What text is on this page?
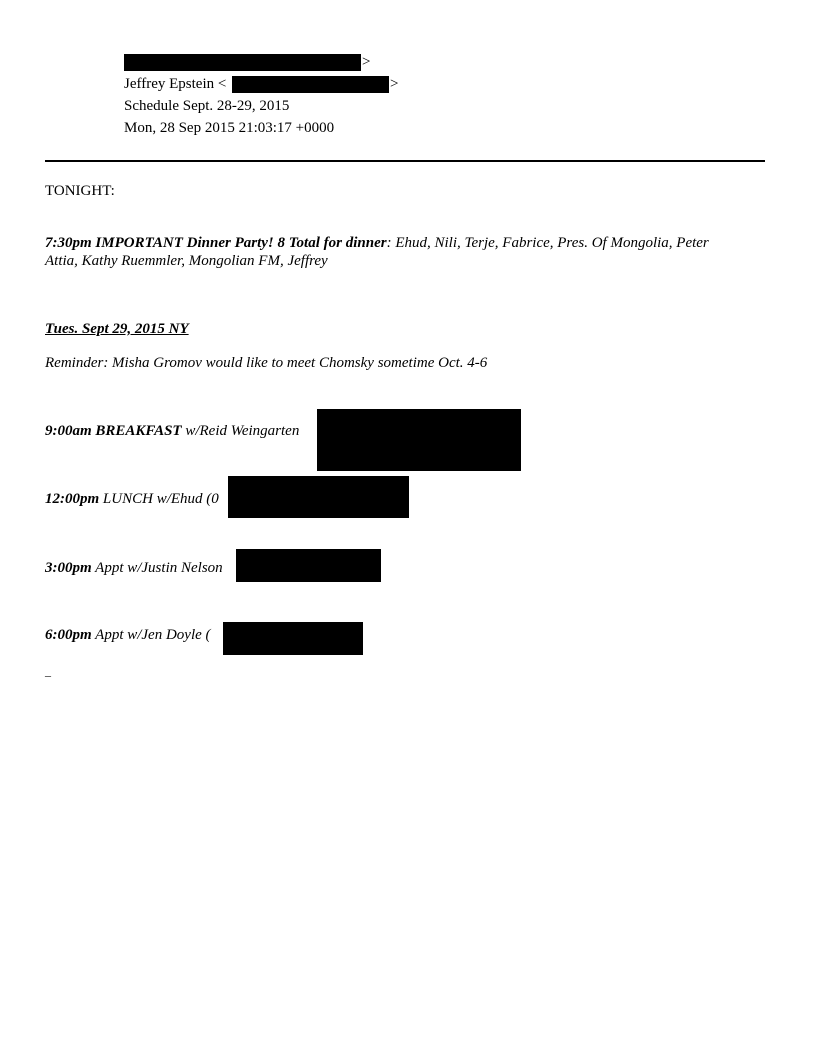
>
Jeffrey Epstein <	>
Schedule Sept. 28-29, 2015
Mon, 28 Sep 2015 21:03:17 +0000
TONIGHT:
7:30pm IMPORTANT Dinner Party! 8 Total for dinner: Ehud, Nili, Terje, Fabrice, Pres. Of Mongolia, Peter
Attia, Kathy Ruemmler, Mongolian FM, Jeffrey
Tues. Sept 29, 2015 NY
Reminder: Misha Gromov would like to meet Chomsky sometime Oct. 4-6
9:00am BREAKFAST w/Reid Weingarten
12:00pm LUNCH w/Ehud (0
3:00pm Appt w/Justin Nelson
6:00pm Appt w/Jen Doyle (
_
